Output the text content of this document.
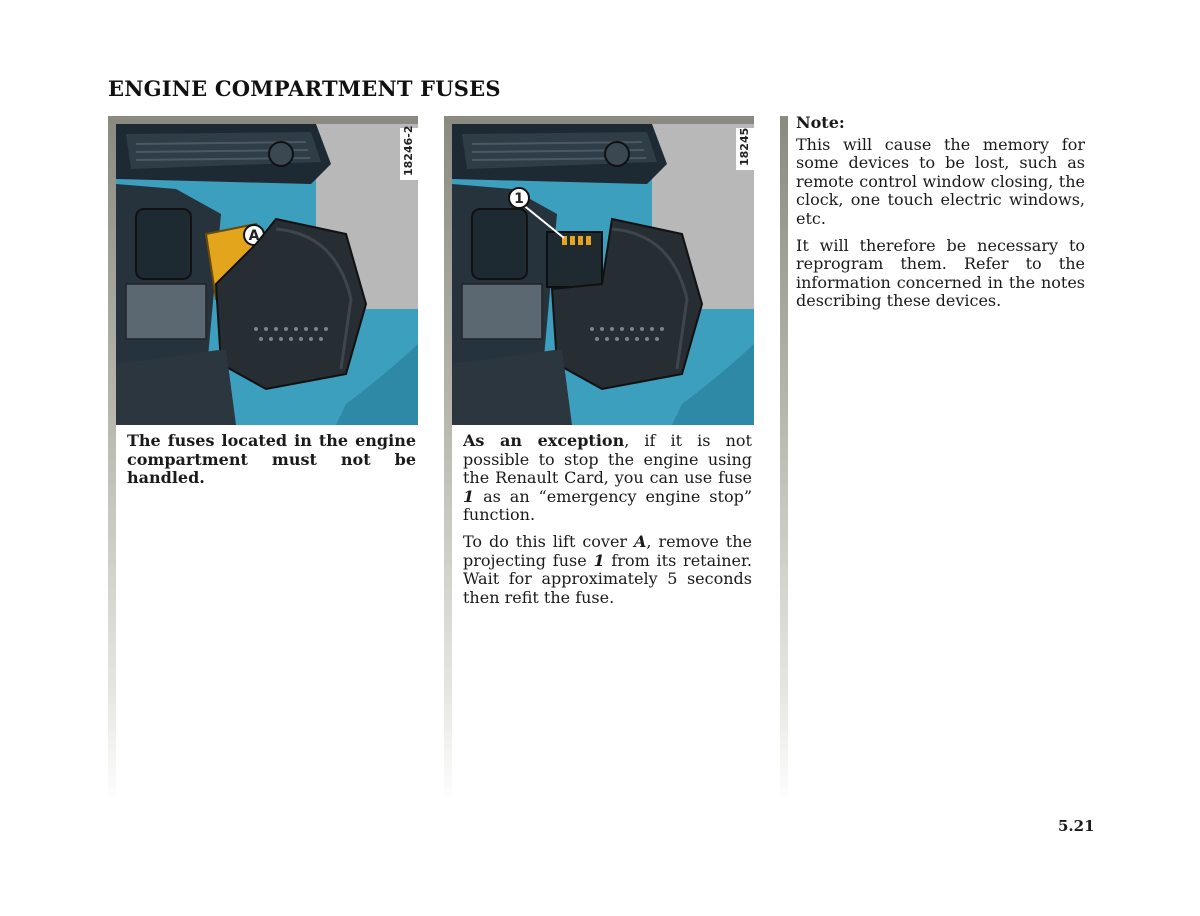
ENGINE COMPARTMENT FUSES
A
18246-2
The fuses located in the engine compartment must not be handled.
1
18245

As an exception, if it is not possible to stop the engine using the Renault Card, you can use fuse 1 as an “emergency engine stop” function.

To do this lift cover A, remove the projecting fuse 1 from its retainer. Wait for approximately 5 seconds then refit the fuse.

Note:

This will cause the memory for some devices to be lost, such as remote control window closing, the clock, one touch electric windows, etc.

It will therefore be necessary to reprogram them. Refer to the information concerned in the notes describing these devices.

5.21
